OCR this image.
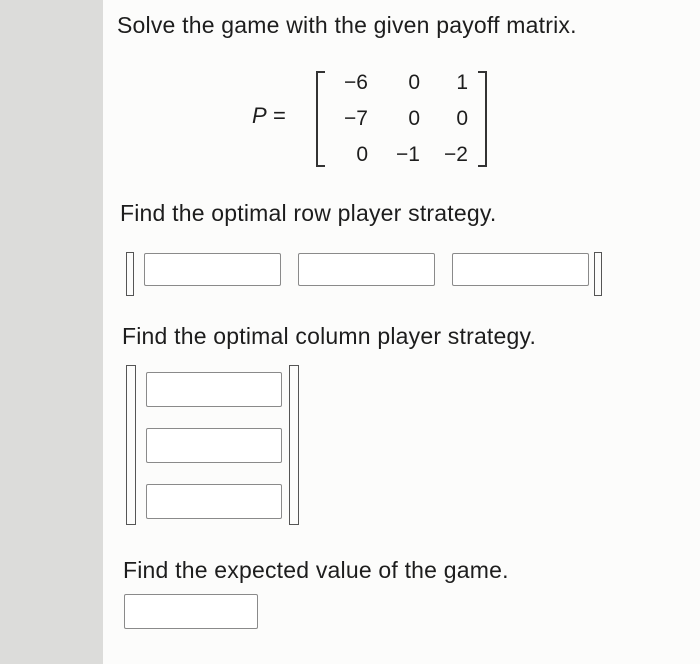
Solve the game with the given payoff matrix.
P =
−6	0	1
−7	0	0
0	−1	−2
Find the optimal row player strategy.
Find the optimal column player strategy.
Find the expected value of the game.
